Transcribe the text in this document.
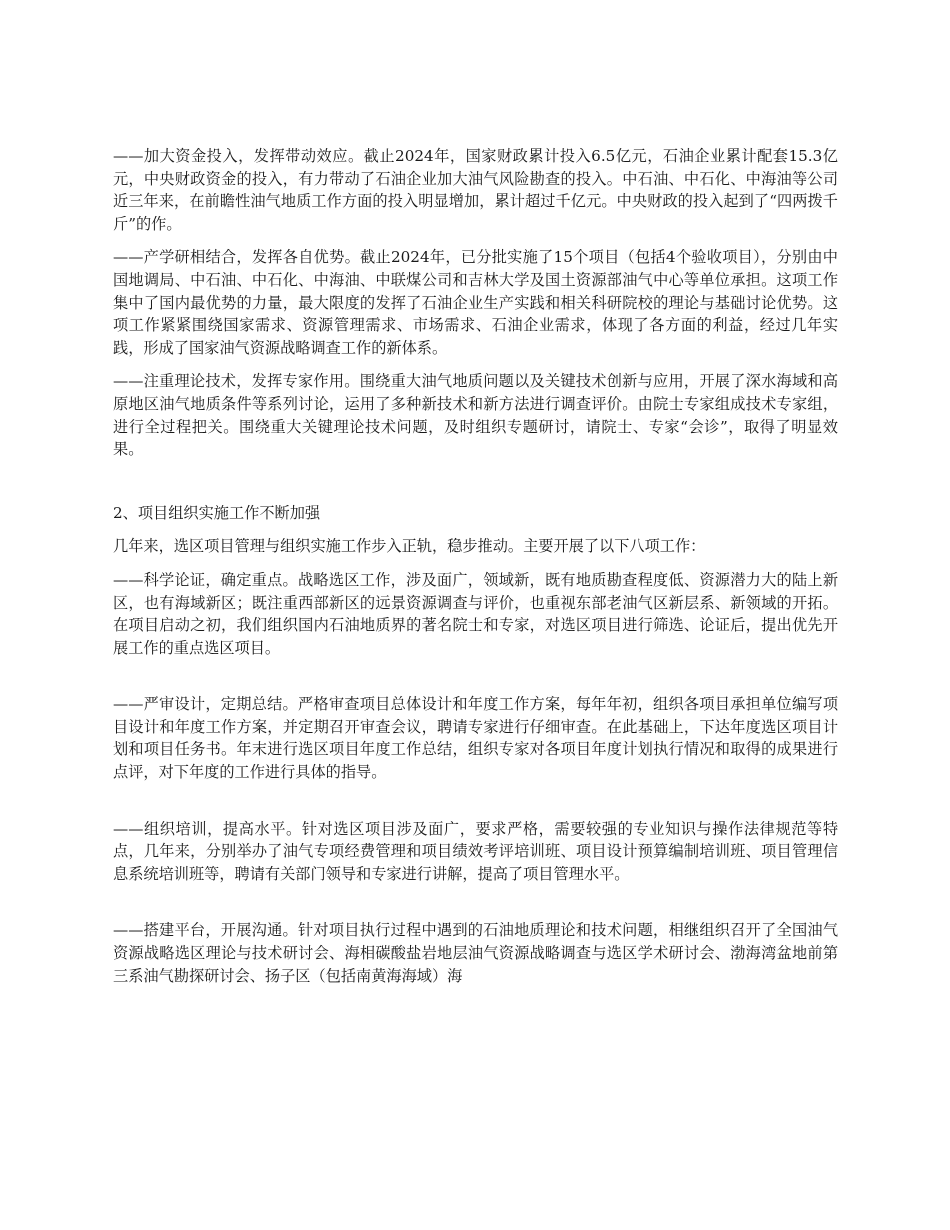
——加大资金投入，发挥带动效应。截止2024年，国家财政累计投入6.5亿元，石油企业累计配套15.3亿元，中央财政资金的投入，有力带动了石油企业加大油气风险勘查的投入。中石油、中石化、中海油等公司近三年来，在前瞻性油气地质工作方面的投入明显增加，累计超过千亿元。中央财政的投入起到了“四两拨千斤”的作。

——产学研相结合，发挥各自优势。截止2024年，已分批实施了15个项目（包括4个验收项目），分别由中国地调局、中石油、中石化、中海油、中联煤公司和吉林大学及国土资源部油气中心等单位承担。这项工作集中了国内最优势的力量，最大限度的发挥了石油企业生产实践和相关科研院校的理论与基础讨论优势。这项工作紧紧围绕国家需求、资源管理需求、市场需求、石油企业需求，体现了各方面的利益，经过几年实践，形成了国家油气资源战略调查工作的新体系。

——注重理论技术，发挥专家作用。围绕重大油气地质问题以及关键技术创新与应用，开展了深水海域和高原地区油气地质条件等系列讨论，运用了多种新技术和新方法进行调查评价。由院士专家组成技术专家组，进行全过程把关。围绕重大关键理论技术问题，及时组织专题研讨，请院士、专家“会诊”，取得了明显效果。

2、项目组织实施工作不断加强

几年来，选区项目管理与组织实施工作步入正轨，稳步推动。主要开展了以下八项工作：

——科学论证，确定重点。战略选区工作，涉及面广，领域新，既有地质勘查程度低、资源潜力大的陆上新区，也有海域新区；既注重西部新区的远景资源调查与评价，也重视东部老油气区新层系、新领域的开拓。在项目启动之初，我们组织国内石油地质界的著名院士和专家，对选区项目进行筛选、论证后，提出优先开展工作的重点选区项目。

——严审设计，定期总结。严格审查项目总体设计和年度工作方案，每年年初，组织各项目承担单位编写项目设计和年度工作方案，并定期召开审查会议，聘请专家进行仔细审查。在此基础上，下达年度选区项目计划和项目任务书。年末进行选区项目年度工作总结，组织专家对各项目年度计划执行情况和取得的成果进行点评，对下年度的工作进行具体的指导。

——组织培训，提高水平。针对选区项目涉及面广，要求严格，需要较强的专业知识与操作法律规范等特点，几年来，分别举办了油气专项经费管理和项目绩效考评培训班、项目设计预算编制培训班、项目管理信息系统培训班等，聘请有关部门领导和专家进行讲解，提高了项目管理水平。

——搭建平台，开展沟通。针对项目执行过程中遇到的石油地质理论和技术问题，相继组织召开了全国油气资源战略选区理论与技术研讨会、海相碳酸盐岩地层油气资源战略调查与选区学术研讨会、渤海湾盆地前第三系油气勘探研讨会、扬子区（包括南黄海海域）海
